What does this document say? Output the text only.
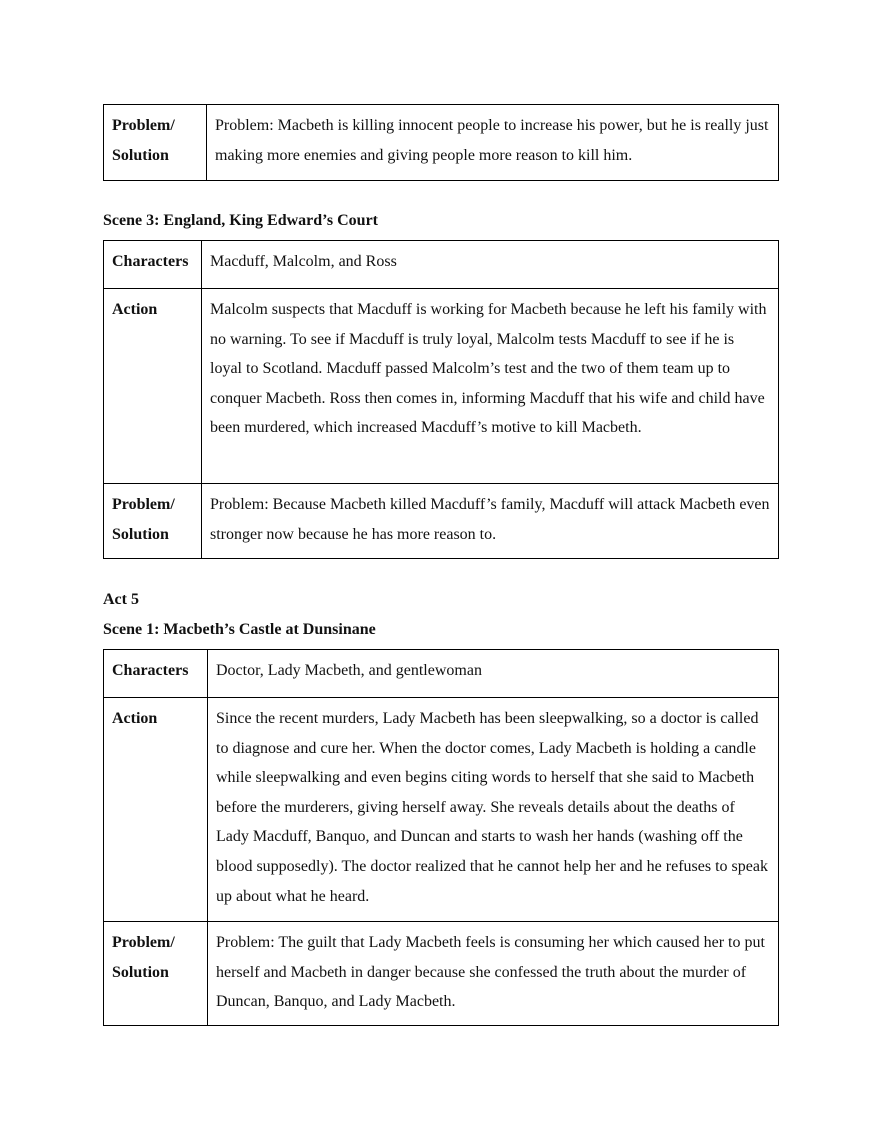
Problem/ Solution	Problem: Macbeth is killing innocent people to increase his power, but he is really just making more enemies and giving people more reason to kill him.

Scene 3: England, King Edward’s Court

Characters	Macduff, Malcolm, and Ross
Action	Malcolm suspects that Macduff is working for Macbeth because he left his family with no warning. To see if Macduff is truly loyal, Malcolm tests Macduff to see if he is loyal to Scotland. Macduff passed Malcolm’s test and the two of them team up to conquer Macbeth. Ross then comes in, informing Macduff that his wife and child have been murdered, which increased Macduff’s motive to kill Macbeth.
Problem/ Solution	Problem: Because Macbeth killed Macduff’s family, Macduff will attack Macbeth even stronger now because he has more reason to.

Act 5

Scene 1: Macbeth’s Castle at Dunsinane

Characters	Doctor, Lady Macbeth, and gentlewoman
Action	Since the recent murders, Lady Macbeth has been sleepwalking, so a doctor is called to diagnose and cure her. When the doctor comes, Lady Macbeth is holding a candle while sleepwalking and even begins citing words to herself that she said to Macbeth before the murderers, giving herself away. She reveals details about the deaths of Lady Macduff, Banquo, and Duncan and starts to wash her hands (washing off the blood supposedly). The doctor realized that he cannot help her and he refuses to speak up about what he heard.
Problem/ Solution	Problem: The guilt that Lady Macbeth feels is consuming her which caused her to put herself and Macbeth in danger because she confessed the truth about the murder of Duncan, Banquo, and Lady Macbeth.
